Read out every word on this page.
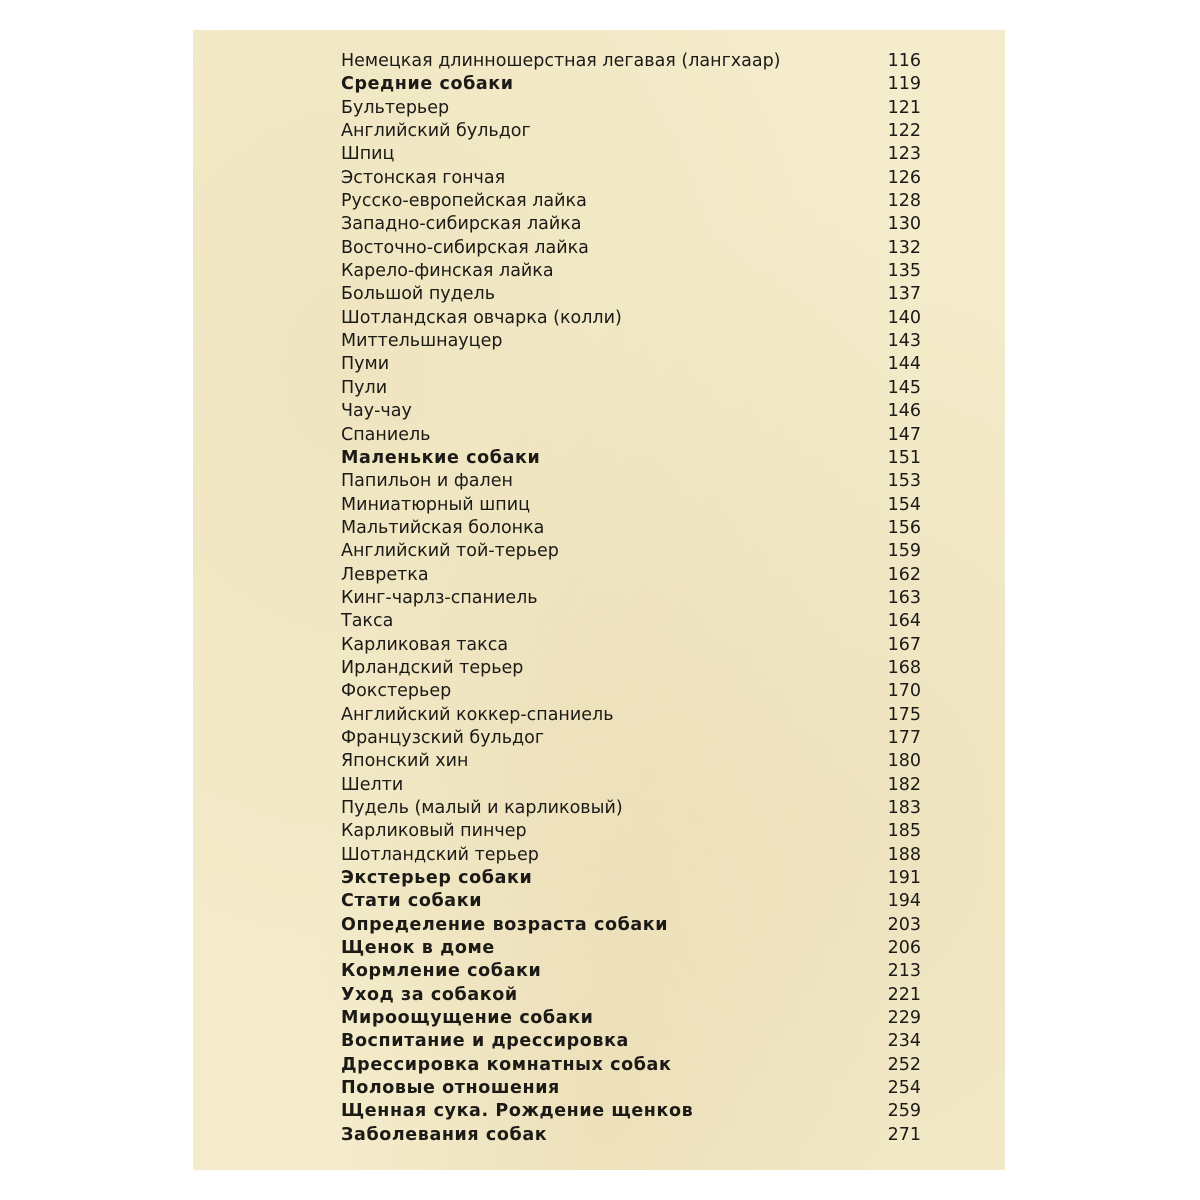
Немецкая длинношерстная легавая (лангхаар)	116
Средние собаки	119
Бультерьер	121
Английский бульдог	122
Шпиц	123
Эстонская гончая	126
Русско-европейская лайка	128
Западно-сибирская лайка	130
Восточно-сибирская лайка	132
Карело-финская лайка	135
Большой пудель	137
Шотландская овчарка (колли)	140
Миттельшнауцер	143
Пуми	144
Пули	145
Чау-чау	146
Спаниель	147
Маленькие собаки	151
Папильон и фален	153
Миниатюрный шпиц	154
Мальтийская болонка	156
Английский той-терьер	159
Левретка	162
Кинг-чарлз-спаниель	163
Такса	164
Карликовая такса	167
Ирландский терьер	168
Фокстерьер	170
Английский коккер-спаниель	175
Французский бульдог	177
Японский хин	180
Шелти	182
Пудель (малый и карликовый)	183
Карликовый пинчер	185
Шотландский терьер	188
Экстерьер собаки	191
Стати собаки	194
Определение возраста собаки	203
Щенок в доме	206
Кормление собаки	213
Уход за собакой	221
Мироощущение собаки	229
Воспитание и дрессировка	234
Дрессировка комнатных собак	252
Половые отношения	254
Щенная сука. Рождение щенков	259
Заболевания собак	271
